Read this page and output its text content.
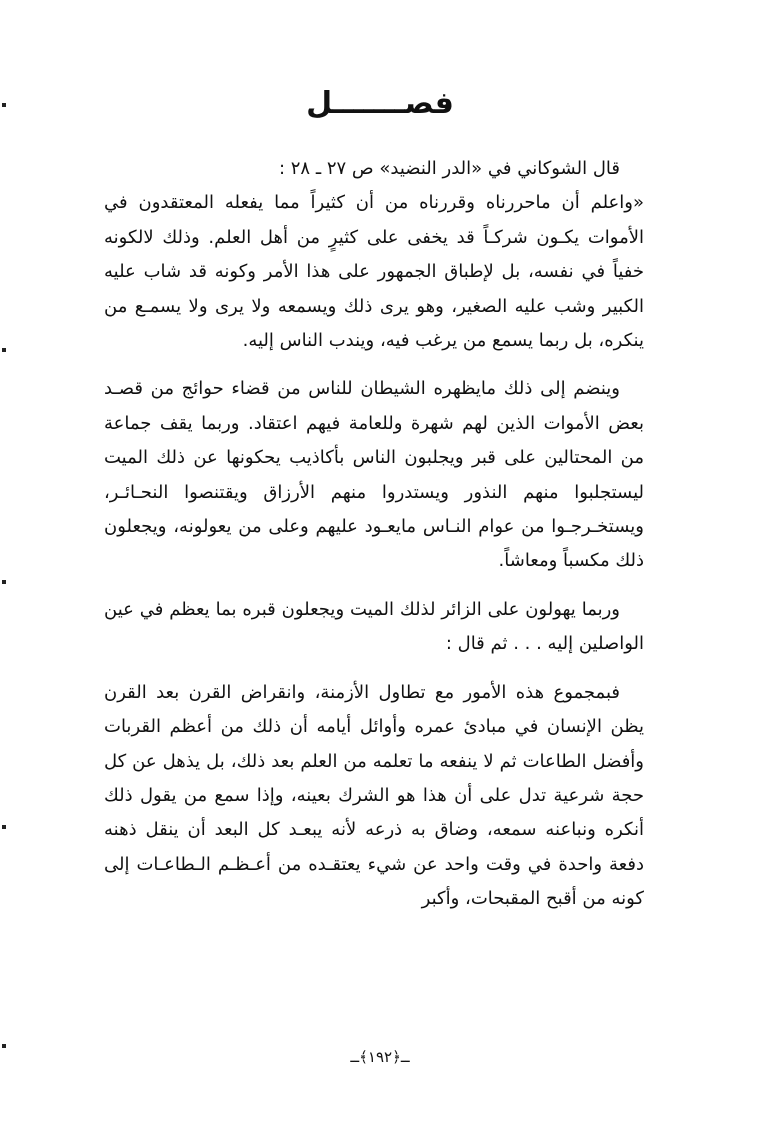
فصـــــــل

قال الشوكاني في «الدر النضيد» ص ٢٧ ـ ٢٨ :

«واعلم أن ماحررناه وقررناه من أن كثيراً مما يفعله المعتقدون في الأموات يكـون شركـاً قد يخفى على كثيرٍ من أهل العلم. وذلك لالكونه خفياً في نفسه، بل لإطباق الجمهور على هذا الأمر وكونه قد شاب عليه الكبير وشب عليه الصغير، وهو يرى ذلك ويسمعه ولا يرى ولا يسمـع من ينكره، بل ربما يسمع من يرغب فيه، ويندب الناس إليه.

وينضم إلى ذلك مايظهره الشيطان للناس من قضاء حوائج من قصـد بعض الأموات الذين لهم شهرة وللعامة فيهم اعتقاد. وربما يقف جماعة من المحتالين على قبر ويجلبون الناس بأكاذيب يحكونها عن ذلك الميت ليستجلبوا منهم النذور ويستدروا منهم الأرزاق ويقتنصوا النحـائـر، ويستخـرجـوا من عوام النـاس مايعـود عليهم وعلى من يعولونه، ويجعلون ذلك مكسباً ومعاشاً.

وربما يهولون على الزائر لذلك الميت ويجعلون قبره بما يعظم في عين الواصلين إليه . . . ثم قال :

فبمجموع هذه الأمور مع تطاول الأزمنة، وانقراض القرن بعد القرن يظن الإنسان في مبادئ عمره وأوائل أيامه أن ذلك من أعظم القربات وأفضل الطاعات ثم لا ينفعه ما تعلمه من العلم بعد ذلك، بل يذهل عن كل حجة شرعية تدل على أن هذا هو الشرك بعينه، وإذا سمع من يقول ذلك أنكره ونباعنه سمعه، وضاق به ذرعه لأنه يبعـد كل البعد أن ينقل ذهنه دفعة واحدة في وقت واحد عن شيء يعتقـده من أعـظـم الـطاعـات إلى كونه من أقبح المقبحات، وأكبر

ــ﴿١٩٢﴾ــ
